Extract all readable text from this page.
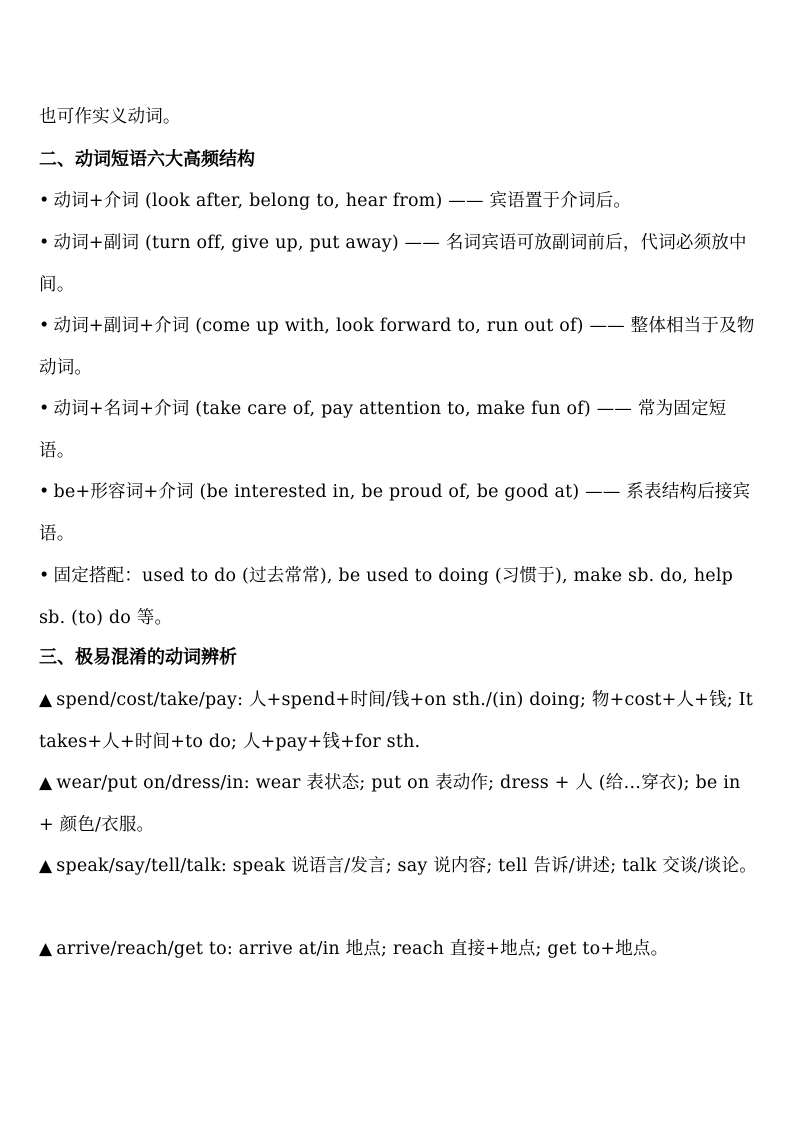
也可作实义动词。
二、动词短语六大高频结构
• 动词+介词 (look after, belong to, hear from) —— 宾语置于介词后。
• 动词+副词 (turn off, give up, put away) —— 名词宾语可放副词前后，代词必须放中间。
• 动词+副词+介词 (come up with, look forward to, run out of) —— 整体相当于及物动词。
• 动词+名词+介词 (take care of, pay attention to, make fun of) —— 常为固定短语。
• be+形容词+介词 (be interested in, be proud of, be good at) —— 系表结构后接宾语。
• 固定搭配：used to do (过去常常), be used to doing (习惯于), make sb. do, help sb. (to) do 等。
三、极易混淆的动词辨析
▲ spend/cost/take/pay: 人+spend+时间/钱+on sth./(in) doing; 物+cost+人+钱; It takes+人+时间+to do; 人+pay+钱+for sth.
▲ wear/put on/dress/in: wear 表状态; put on 表动作; dress + 人 (给…穿衣); be in + 颜色/衣服。
▲ speak/say/tell/talk: speak 说语言/发言; say 说内容; tell 告诉/讲述; talk 交谈/谈论。
▲ arrive/reach/get to: arrive at/in 地点; reach 直接+地点; get to+地点。
